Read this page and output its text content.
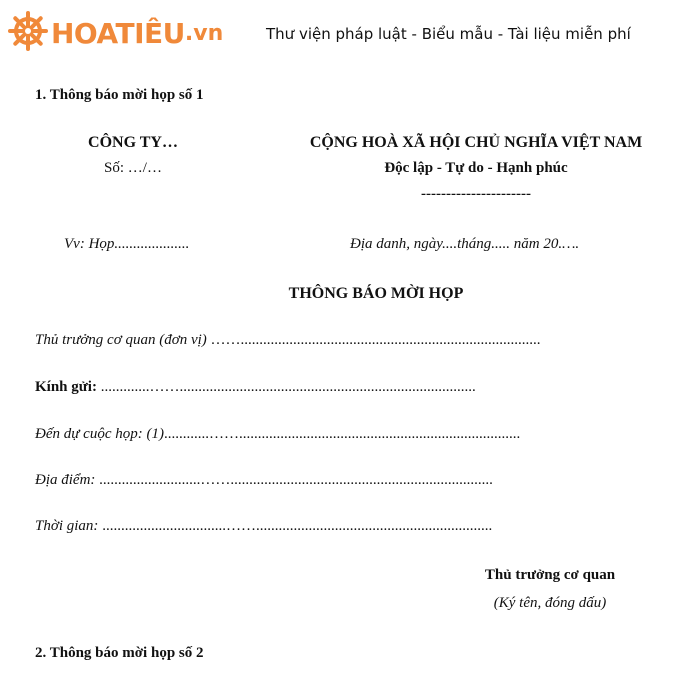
HOATIÊU .vn	Thư viện pháp luật - Biểu mẫu - Tài liệu miễn phí
1. Thông báo mời họp số 1
CÔNG TY…
Số: …/…
CỘNG HOÀ XÃ HỘI CHỦ NGHĨA VIỆT NAM
Độc lập - Tự do - Hạnh phúc
----------------------
Vv: Họp....................	Địa danh, ngày....tháng..... năm 20.….
THÔNG BÁO MỜI HỌP
Thủ trưởng cơ quan (đơn vị) ……................................................................................
Kính gửi: .............……...............................................................................
Đến dự cuộc họp: (1)............……...........................................................................
Địa điểm: ...........................……......................................................................
Thời gian: .................................……...............................................................
Thủ trưởng cơ quan
(Ký tên, đóng dấu)
2. Thông báo mời họp số 2
